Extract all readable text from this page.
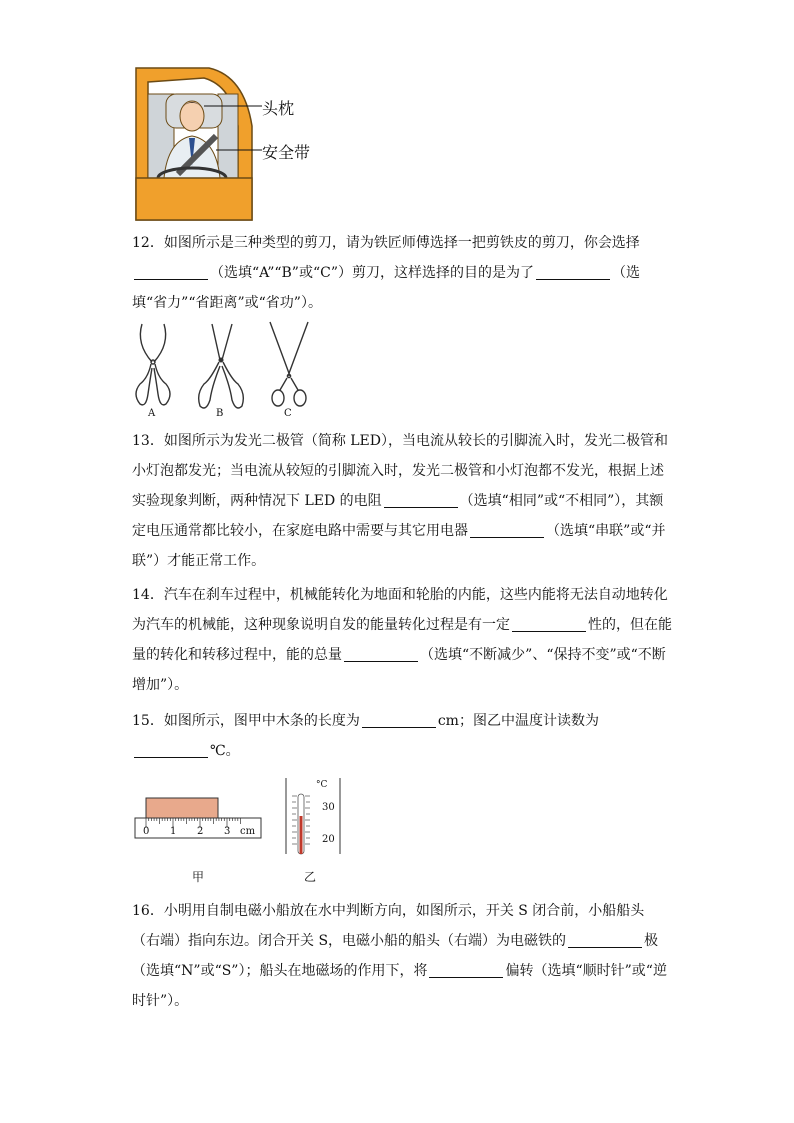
头枕
安全带
12．如图所示是三种类型的剪刀，请为铁匠师傅选择一把剪铁皮的剪刀，你会选择（选填“A”“B”或“C”）剪刀，这样选择的目的是为了	（选填“省力”“省距离”或“省功”）。
A	B	C
13．如图所示为发光二极管（简称 LED），当电流从较长的引脚流入时，发光二极管和小灯泡都发光；当电流从较短的引脚流入时，发光二极管和小灯泡都不发光，根据上述实验现象判断，两种情况下 LED 的电阻	（选填“相同”或“不相同”），其额定电压通常都比较小，在家庭电路中需要与其它用电器	（选填“串联”或“并联”）才能正常工作。
14．汽车在刹车过程中，机械能转化为地面和轮胎的内能，这些内能将无法自动地转化为汽车的机械能，这种现象说明自发的能量转化过程是有一定	性的，但在能量的转化和转移过程中，能的总量	（选填“不断减少”、“保持不变”或“不断增加”）。
15．如图所示，图甲中木条的长度为	cm；图乙中温度计读数为℃。
0 1 2 3 cm
甲
°C
30
20
乙
16．小明用自制电磁小船放在水中判断方向，如图所示，开关 S 闭合前，小船船头（右端）指向东边。闭合开关 S，电磁小船的船头（右端）为电磁铁的	极（选填“N”或“S”）；船头在地磁场的作用下，将	偏转（选填“顺时针”或“逆时针”）。
